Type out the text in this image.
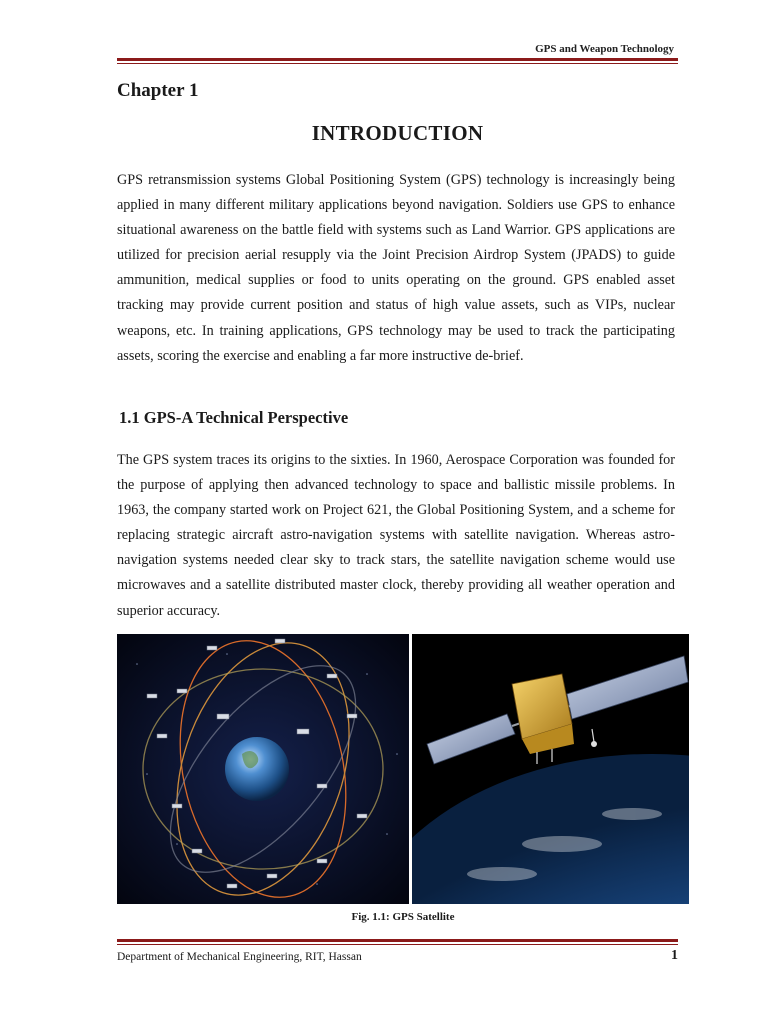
GPS and Weapon Technology
Chapter 1
INTRODUCTION

GPS retransmission systems Global Positioning System (GPS) technology is increasingly being applied in many different military applications beyond navigation. Soldiers use GPS to enhance situational awareness on the battle field with systems such as Land Warrior. GPS applications are utilized for precision aerial resupply via the Joint Precision Airdrop System (JPADS) to guide ammunition, medical supplies or food to units operating on the ground. GPS enabled asset tracking may provide current position and status of high value assets, such as VIPs, nuclear weapons, etc. In training applications, GPS technology may be used to track the participating assets, scoring the exercise and enabling a far more instructive de-brief.

1.1 GPS-A Technical Perspective

The GPS system traces its origins to the sixties. In 1960, Aerospace Corporation was founded for the purpose of applying then advanced technology to space and ballistic missile problems. In 1963, the company started work on Project 621, the Global Positioning System, and a scheme for replacing strategic aircraft astro-navigation systems with satellite navigation. Whereas astro-navigation systems needed clear sky to track stars, the satellite navigation scheme would use microwaves and a satellite distributed master clock, thereby providing all weather operation and superior accuracy.

Fig. 1.1: GPS Satellite

Department of Mechanical Engineering, RIT, Hassan	1
